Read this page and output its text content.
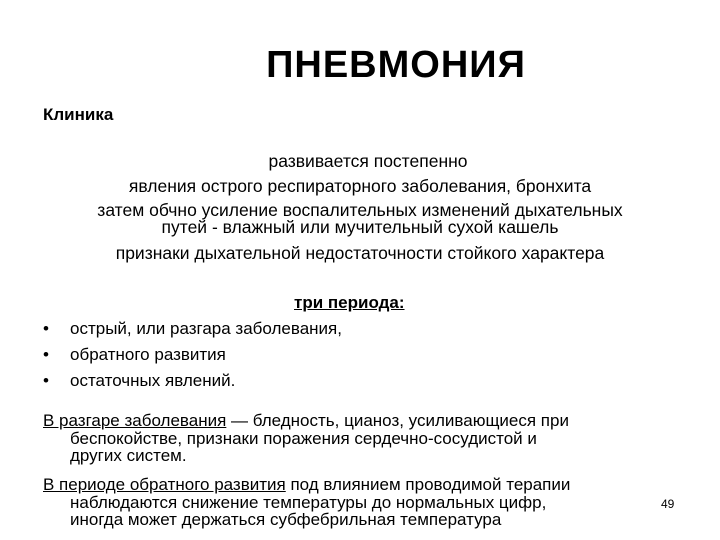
ПНЕВМОНИЯ
Клиника
развивается постепенно
явления острого респираторного заболевания, бронхита
затем обчно усиление воспалительных изменений дыхательных
путей - влажный или мучительный сухой кашель
признаки дыхательной недостаточности стойкого характера
три периода:
•	острый, или разгара заболевания,
•	обратного развития
•	остаточных явлений.
В разгаре заболевания — бледность, цианоз, усиливающиеся при
беспокойстве, признаки поражения сердечно-сосудистой и
других систем.
В периоде обратного развития под влиянием проводимой терапии
наблюдаются снижение температуры до нормальных цифр,
иногда может держаться субфебрильная температура
49
